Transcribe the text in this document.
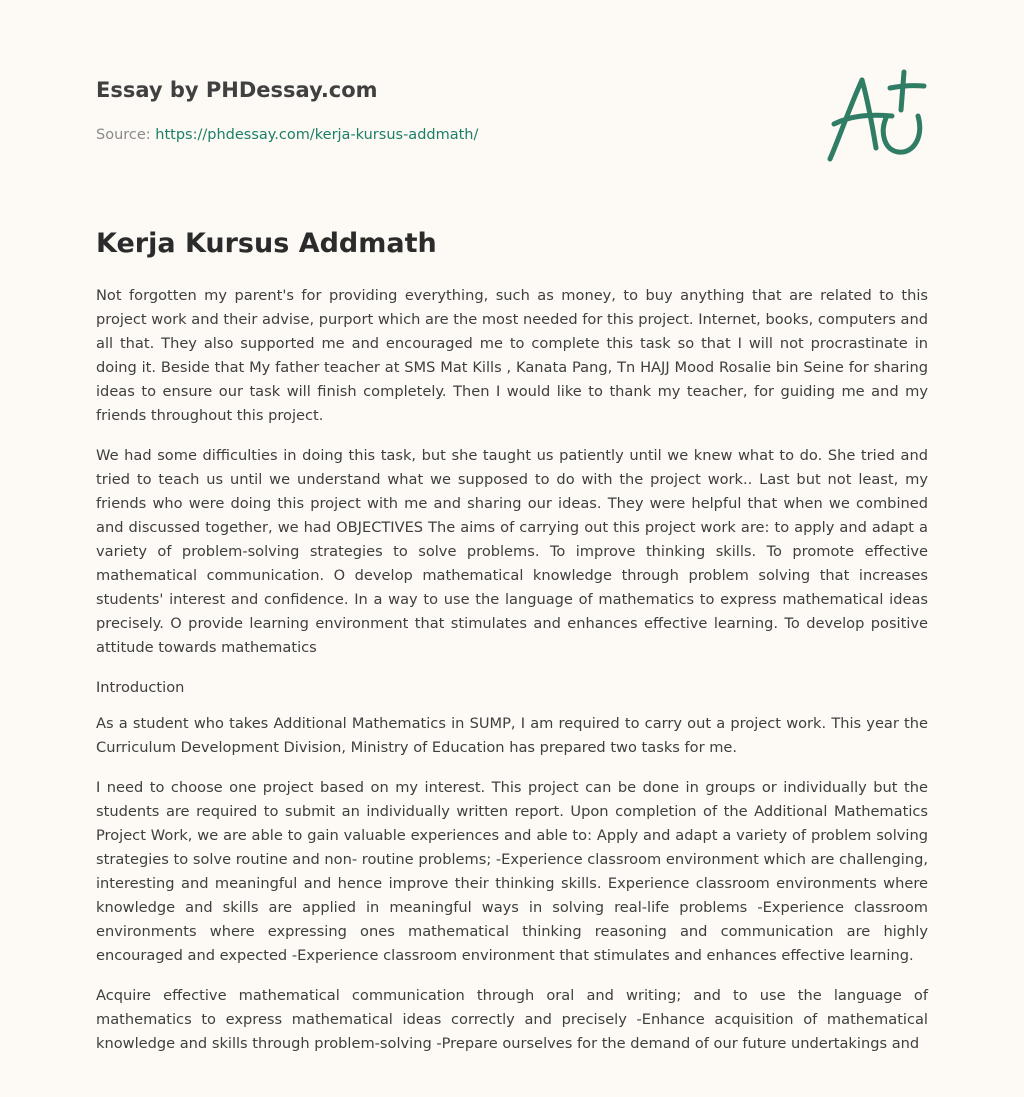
Essay by PHDessay.com
Source: https://phdessay.com/kerja-kursus-addmath/
Kerja Kursus Addmath

Not forgotten my parent's for providing everything, such as money, to buy anything that are related to this project work and their advise, purport which are the most needed for this project. Internet, books, computers and all that. They also supported me and encouraged me to complete this task so that I will not procrastinate in doing it. Beside that My father teacher at SMS Mat Kills , Kanata Pang, Tn HAJJ Mood Rosalie bin Seine for sharing ideas to ensure our task will finish completely. Then I would like to thank my teacher, for guiding me and my friends throughout this project.

We had some difficulties in doing this task, but she taught us patiently until we knew what to do. She tried and tried to teach us until we understand what we supposed to do with the project work.. Last but not least, my friends who were doing this project with me and sharing our ideas. They were helpful that when we combined and discussed together, we had OBJECTIVES The aims of carrying out this project work are: to apply and adapt a variety of problem-solving strategies to solve problems. To improve thinking skills. To promote effective mathematical communication. O develop mathematical knowledge through problem solving that increases students' interest and confidence. In a way to use the language of mathematics to express mathematical ideas precisely. O provide learning environment that stimulates and enhances effective learning. To develop positive attitude towards mathematics

Introduction

As a student who takes Additional Mathematics in SUMP, I am required to carry out a project work. This year the Curriculum Development Division, Ministry of Education has prepared two tasks for me.

I need to choose one project based on my interest. This project can be done in groups or individually but the students are required to submit an individually written report. Upon completion of the Additional Mathematics Project Work, we are able to gain valuable experiences and able to: Apply and adapt a variety of problem solving strategies to solve routine and non- routine problems; -Experience classroom environment which are challenging, interesting and meaningful and hence improve their thinking skills. Experience classroom environments where knowledge and skills are applied in meaningful ways in solving real-life problems -Experience classroom environments where expressing ones mathematical thinking reasoning and communication are highly encouraged and expected -Experience classroom environment that stimulates and enhances effective learning.

Acquire effective mathematical communication through oral and writing; and to use the language of mathematics to express mathematical ideas correctly and precisely -Enhance acquisition of mathematical knowledge and skills through problem-solving -Prepare ourselves for the demand of our future undertakings and
